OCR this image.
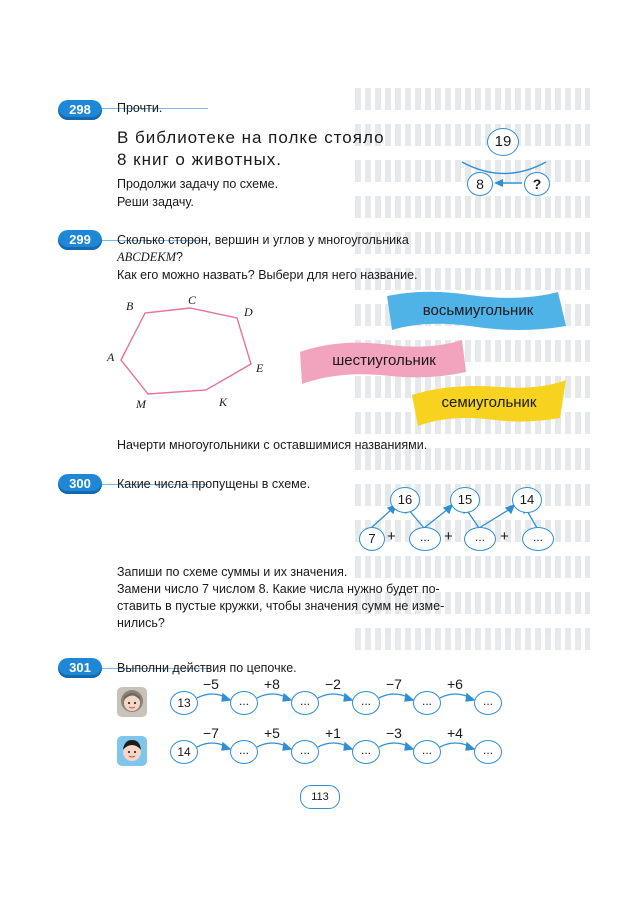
298	Прочти.
В библиотеке на полке стояло
8 книг о животных.
Продолжи задачу по схеме.
Реши задачу.
19
8	?
299	Сколько сторон, вершин и углов у многоугольника
ABCDEKM?
Как его можно назвать? Выбери для него название.
B	C
D
A
E
M	K
восьмиугольник
шестиугольник
семиугольник
Начерти многоугольники с оставшимися названиями.
300	Какие числа пропущены в схеме.
16	15	14
7 +	... +	...	+	...
Запиши по схеме суммы и их значения.
Замени число 7 числом 8. Какие числа нужно будет по-
ставить в пустые кружки, чтобы значения сумм не изме-
нились?
301	Выполни действия по цепочке.
13
−5
...
+8
...
−2
...
−7
...
+6
...
14
−7
...
+5
...
+1
...
−3
...
+4
...
113
